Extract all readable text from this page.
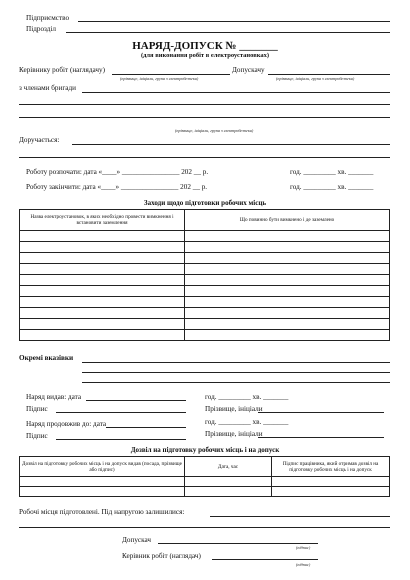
Підприємство
Підрозділ
НАРЯД-ДОПУСК № _______
(для виконання робіт в електроустановках)
Керівнику робіт (наглядачу)
(прізвище, ініціали, група з електробезпеки)
Допускачу
(прізвище, ініціали, група з електробезпеки)
з членами бригади
(прізвище, ініціали, група з електробезпеки)
Доручається:
Роботу розпочати: дата «____» ________________ 202 __ р.	год. _________ хв. _______
Роботу закінчити: дата «____» ________________ 202 __ р.	год. _________ хв. _______
Заходи щодо підготовки робочих місць
Назва електроустановок, в яких необхідно провести вимкнення і встановити заземлення	Що повинно бути вимкнено і де заземлено

Окремі вказівки
Наряд видав: дата	год. _________ хв. _______
Підпис	Прізвище, ініціали
Наряд продовжив до: дата	год. _________ хв. _______
Підпис	Прізвище, ініціали
Дозвіл на підготовку робочих місць і на допуск
Дозвіл на підготовку робочих місць і на допуск видав (посада, прізвище або підпис)	Дата, час	Підпис працівника, який отримав дозвіл на підготовку робочих місць і на допуск

Робочі місця підготовлені. Під напругою залишилися:
Допускач
(підпис)
Керівник робіт (наглядач)
(підпис)
